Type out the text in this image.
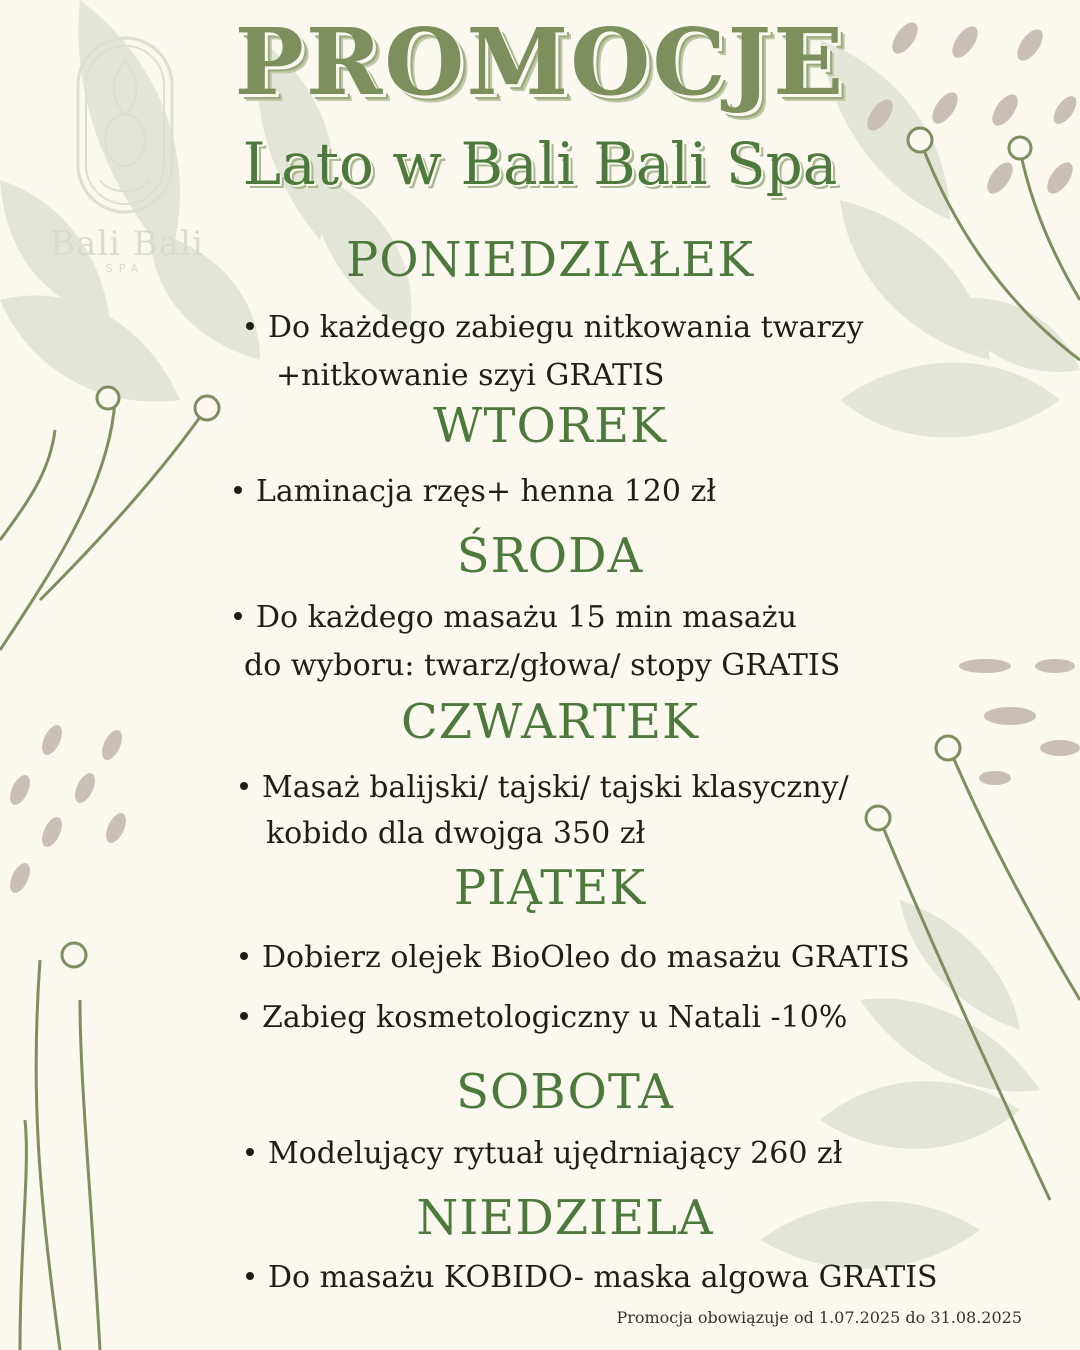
Bali Bali
SPA
PROMOCJE
Lato w Bali Bali Spa
PONIEDZIAŁEK
Do każdego zabiegu nitkowania twarzy
+nitkowanie szyi GRATIS
WTOREK
Laminacja rzęs+ henna 120 zł
ŚRODA
Do każdego masażu 15 min masażu
do wyboru: twarz/głowa/ stopy GRATIS
CZWARTEK
Masaż balijski/ tajski/ tajski klasyczny/
kobido dla dwojga 350 zł
PIĄTEK
Dobierz olejek BioOleo do masażu GRATIS
Zabieg kosmetologiczny u Natali -10%
SOBOTA
Modelujący rytuał ujędrniający 260 zł
NIEDZIELA
Do masażu KOBIDO- maska algowa GRATIS
Promocja obowiązuje od 1.07.2025 do 31.08.2025
